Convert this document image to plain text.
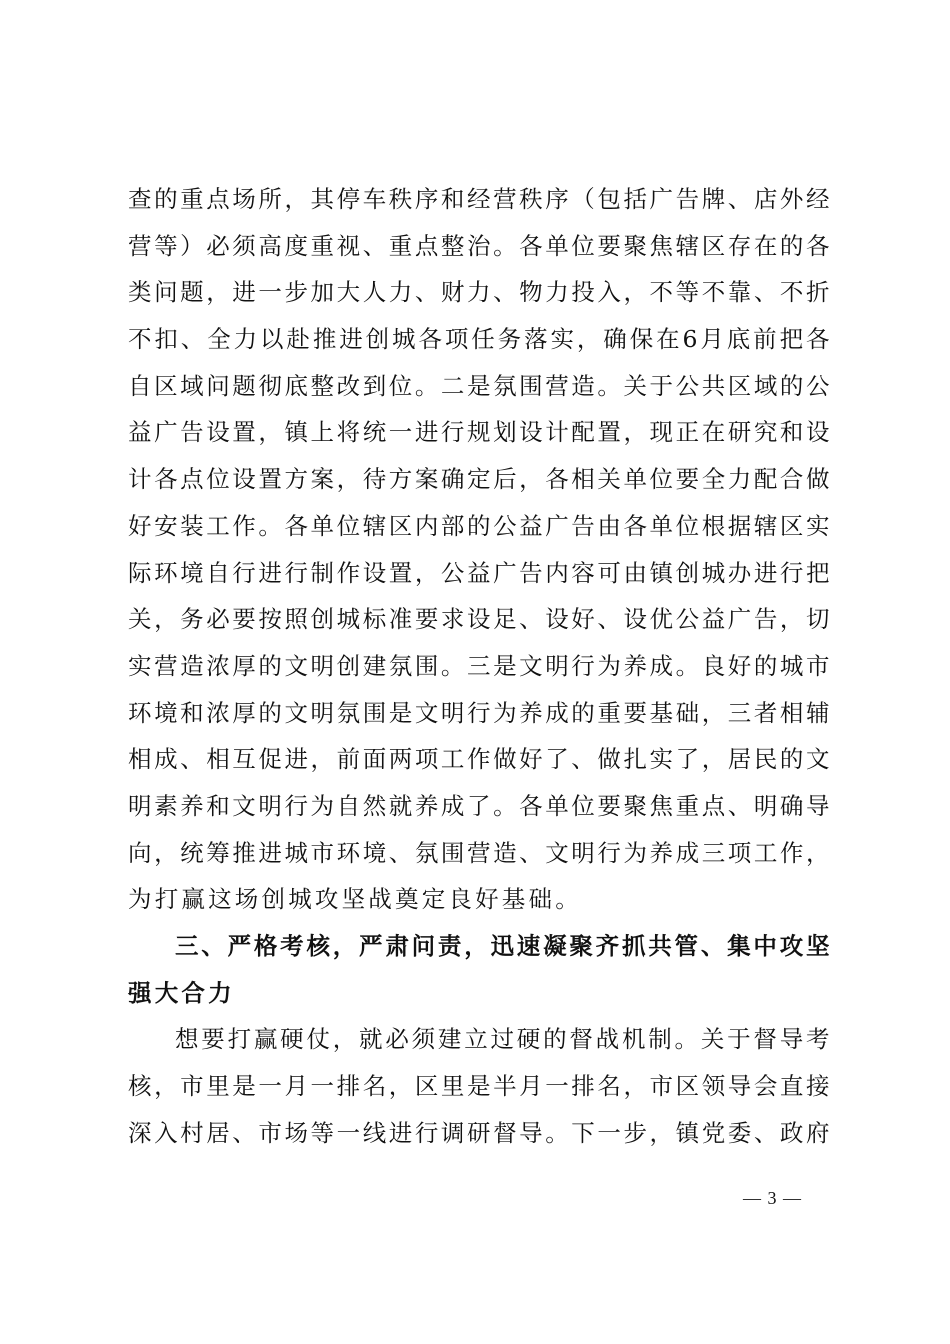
查的重点场所，其停车秩序和经营秩序（包括广告牌、店外经
营等）必须高度重视、重点整治。各单位要聚焦辖区存在的各
类问题，进一步加大人力、财力、物力投入，不等不靠、不折
不扣、全力以赴推进创城各项任务落实，确保在6月底前把各
自区域问题彻底整改到位。二是氛围营造。关于公共区域的公
益广告设置，镇上将统一进行规划设计配置，现正在研究和设
计各点位设置方案，待方案确定后，各相关单位要全力配合做
好安装工作。各单位辖区内部的公益广告由各单位根据辖区实
际环境自行进行制作设置，公益广告内容可由镇创城办进行把
关，务必要按照创城标准要求设足、设好、设优公益广告，切
实营造浓厚的文明创建氛围。三是文明行为养成。良好的城市
环境和浓厚的文明氛围是文明行为养成的重要基础，三者相辅
相成、相互促进，前面两项工作做好了、做扎实了，居民的文
明素养和文明行为自然就养成了。各单位要聚焦重点、明确导
向，统筹推进城市环境、氛围营造、文明行为养成三项工作，
为打赢这场创城攻坚战奠定良好基础。
三、严格考核，严肃问责，迅速凝聚齐抓共管、集中攻坚
强大合力
想要打赢硬仗，就必须建立过硬的督战机制。关于督导考
核，市里是一月一排名，区里是半月一排名，市区领导会直接
深入村居、市场等一线进行调研督导。下一步，镇党委、政府
— 3 —
